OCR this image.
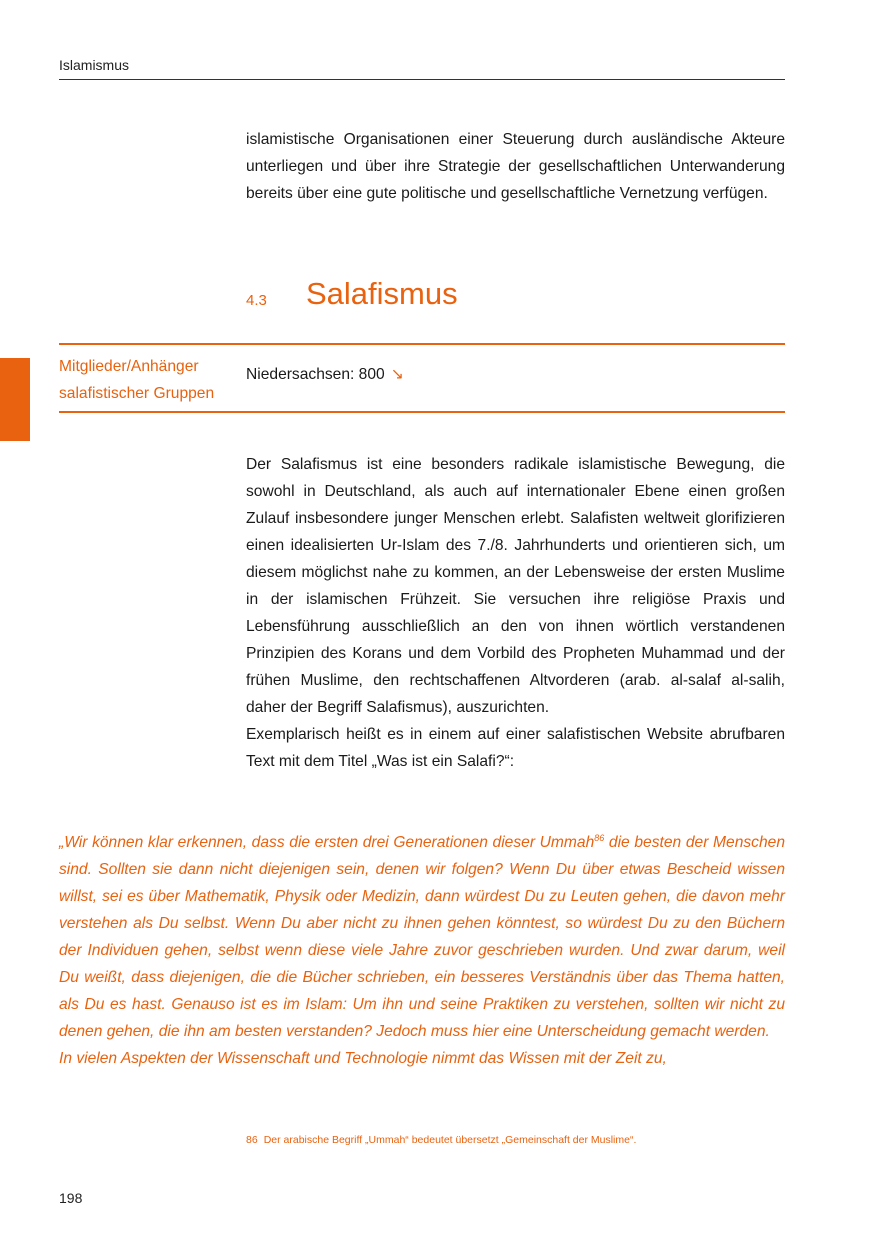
Islamismus

islamistische Organisationen einer Steuerung durch ausländische Akteure unterliegen und über ihre Strategie der gesellschaftlichen Unterwanderung bereits über eine gute politische und gesellschaftliche Vernetzung verfügen.

4.3	Salafismus
Mitglieder/Anhänger
salafistischer Gruppen
Niedersachsen: 800 ↘

Der Salafismus ist eine besonders radikale islamistische Bewegung, die sowohl in Deutschland, als auch auf internationaler Ebene einen großen Zulauf insbesondere junger Menschen erlebt. Salafisten weltweit glorifizieren einen idealisierten Ur-Islam des 7./8. Jahrhunderts und orientieren sich, um diesem möglichst nahe zu kommen, an der Lebensweise der ersten Muslime in der islamischen Frühzeit. Sie versuchen ihre religiöse Praxis und Lebensführung ausschließlich an den von ihnen wörtlich verstandenen Prinzipien des Korans und dem Vorbild des Propheten Muhammad und der frühen Muslime, den rechtschaffenen Altvorderen (arab. al-salaf al-salih, daher der Begriff Salafismus), auszurichten.

Exemplarisch heißt es in einem auf einer salafistischen Website abrufbaren Text mit dem Titel „Was ist ein Salafi?“:

„Wir können klar erkennen, dass die ersten drei Generationen dieser Ummah$^{86}$ die besten der Menschen sind. Sollten sie dann nicht diejenigen sein, denen wir folgen? Wenn Du über etwas Bescheid wissen willst, sei es über Mathematik, Physik oder Medizin, dann würdest Du zu Leuten gehen, die davon mehr verstehen als Du selbst. Wenn Du aber nicht zu ihnen gehen könntest, so würdest Du zu den Büchern der Individuen gehen, selbst wenn diese viele Jahre zuvor geschrieben wurden. Und zwar darum, weil Du weißt, dass diejenigen, die die Bücher schrieben, ein besseres Verständnis über das Thema hatten, als Du es hast. Genauso ist es im Islam: Um ihn und seine Praktiken zu verstehen, sollten wir nicht zu denen gehen, die ihn am besten verstanden? Jedoch muss hier eine Unterscheidung gemacht werden.

In vielen Aspekten der Wissenschaft und Technologie nimmt das Wissen mit der Zeit zu,

86 Der arabische Begriff „Ummah“ bedeutet übersetzt „Gemeinschaft der Muslime“.
198
